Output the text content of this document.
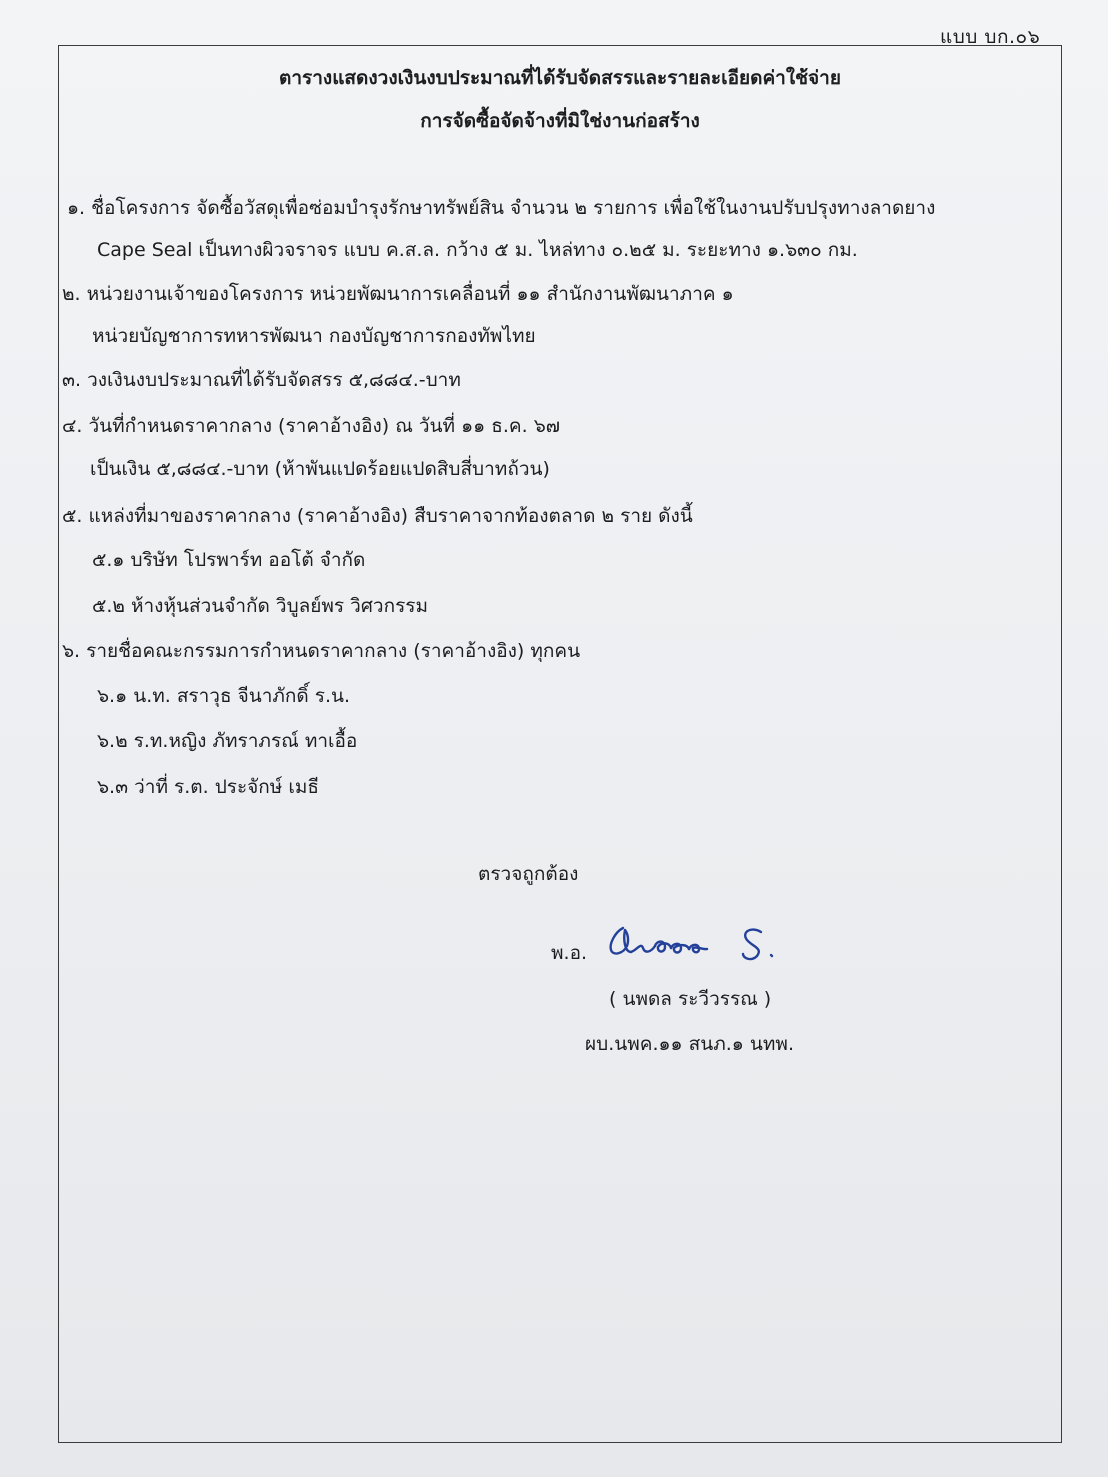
แบบ บก.๐๖
ตารางแสดงวงเงินงบประมาณที่ได้รับจัดสรรและรายละเอียดค่าใช้จ่าย
การจัดซื้อจัดจ้างที่มิใช่งานก่อสร้าง
๑. ชื่อโครงการ จัดซื้อวัสดุเพื่อซ่อมบำรุงรักษาทรัพย์สิน จำนวน ๒ รายการ เพื่อใช้ในงานปรับปรุงทางลาดยาง
Cape Seal เป็นทางผิวจราจร แบบ ค.ส.ล. กว้าง ๕ ม. ไหล่ทาง ๐.๒๕ ม. ระยะทาง ๑.๖๓๐ กม.
๒. หน่วยงานเจ้าของโครงการ หน่วยพัฒนาการเคลื่อนที่ ๑๑ สำนักงานพัฒนาภาค ๑
หน่วยบัญชาการทหารพัฒนา กองบัญชาการกองทัพไทย
๓. วงเงินงบประมาณที่ได้รับจัดสรร ๕,๘๘๔.-บาท
๔. วันที่กำหนดราคากลาง (ราคาอ้างอิง) ณ วันที่ ๑๑ ธ.ค. ๖๗
เป็นเงิน ๕,๘๘๔.-บาท (ห้าพันแปดร้อยแปดสิบสี่บาทถ้วน)
๕. แหล่งที่มาของราคากลาง (ราคาอ้างอิง) สืบราคาจากท้องตลาด ๒ ราย ดังนี้
๕.๑ บริษัท โปรพาร์ท ออโต้ จำกัด
๕.๒ ห้างหุ้นส่วนจำกัด วิบูลย์พร วิศวกรรม
๖. รายชื่อคณะกรรมการกำหนดราคากลาง (ราคาอ้างอิง) ทุกคน
๖.๑ น.ท. สราวุธ จีนาภักดิ์ ร.น.
๖.๒ ร.ท.หญิง ภัทราภรณ์ ทาเอื้อ
๖.๓ ว่าที่ ร.ต. ประจักษ์ เมธี
ตรวจถูกต้อง
พ.อ.
( นพดล ระวีวรรณ )
ผบ.นพค.๑๑ สนภ.๑ นทพ.
